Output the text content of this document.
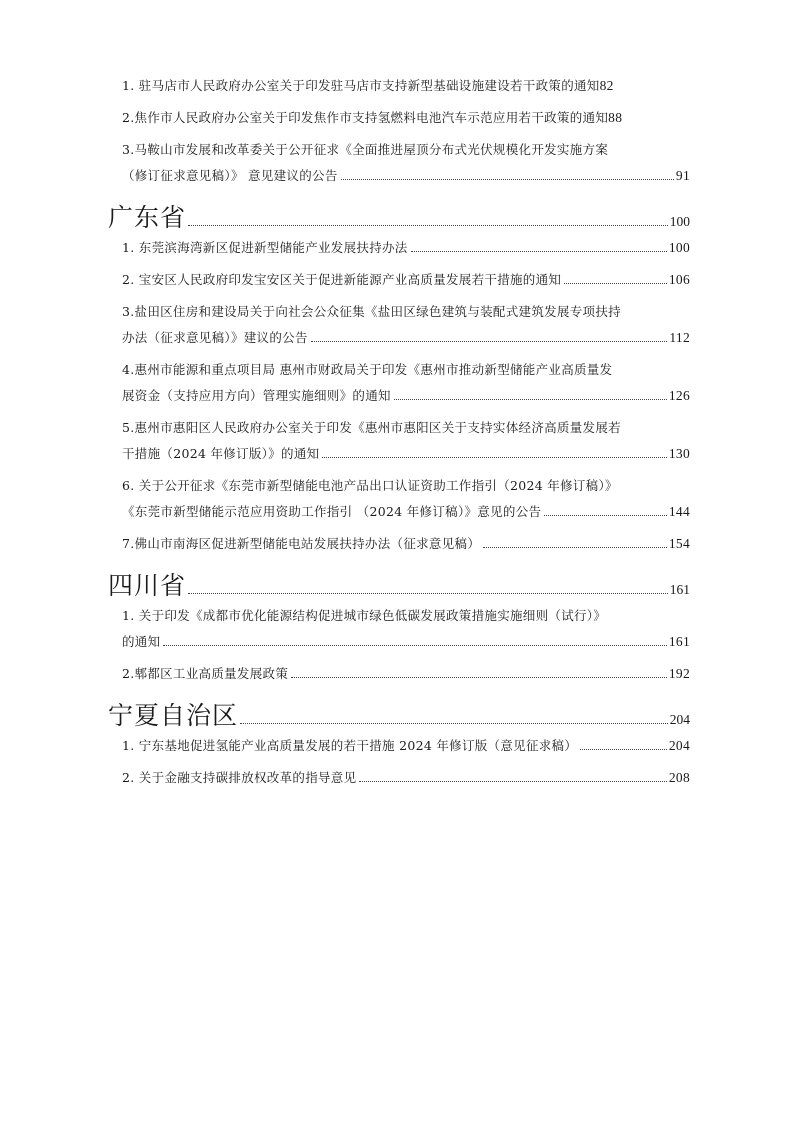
1. 驻马店市人民政府办公室关于印发驻马店市支持新型基础设施建设若干政策的通知 82
2.焦作市人民政府办公室关于印发焦作市支持氢燃料电池汽车示范应用若干政策的通知 88
3.马鞍山市发展和改革委关于公开征求《全面推进屋顶分布式光伏规模化开发实施方案
（修订征求意见稿）》 意见建议的公告	91
广东省	100
1. 东莞滨海湾新区促进新型储能产业发展扶持办法	100
2. 宝安区人民政府印发宝安区关于促进新能源产业高质量发展若干措施的通知	106
3.盐田区住房和建设局关于向社会公众征集《盐田区绿色建筑与装配式建筑发展专项扶持
办法（征求意见稿）》建议的公告	112
4.惠州市能源和重点项目局 惠州市财政局关于印发《惠州市推动新型储能产业高质量发
展资金（支持应用方向）管理实施细则》的通知	126
5.惠州市惠阳区人民政府办公室关于印发《惠州市惠阳区关于支持实体经济高质量发展若
干措施（2024 年修订版）》的通知	130
6. 关于公开征求《东莞市新型储能电池产品出口认证资助工作指引（2024 年修订稿）》
《东莞市新型储能示范应用资助工作指引 （2024 年修订稿）》意见的公告	144
7.佛山市南海区促进新型储能电站发展扶持办法（征求意见稿）	154
四川省	161
1. 关于印发《成都市优化能源结构促进城市绿色低碳发展政策措施实施细则（试行）》
的通知	161
2.郫都区工业高质量发展政策	192
宁夏自治区	204
1. 宁东基地促进氢能产业高质量发展的若干措施 2024 年修订版（意见征求稿）	204
2. 关于金融支持碳排放权改革的指导意见	208
